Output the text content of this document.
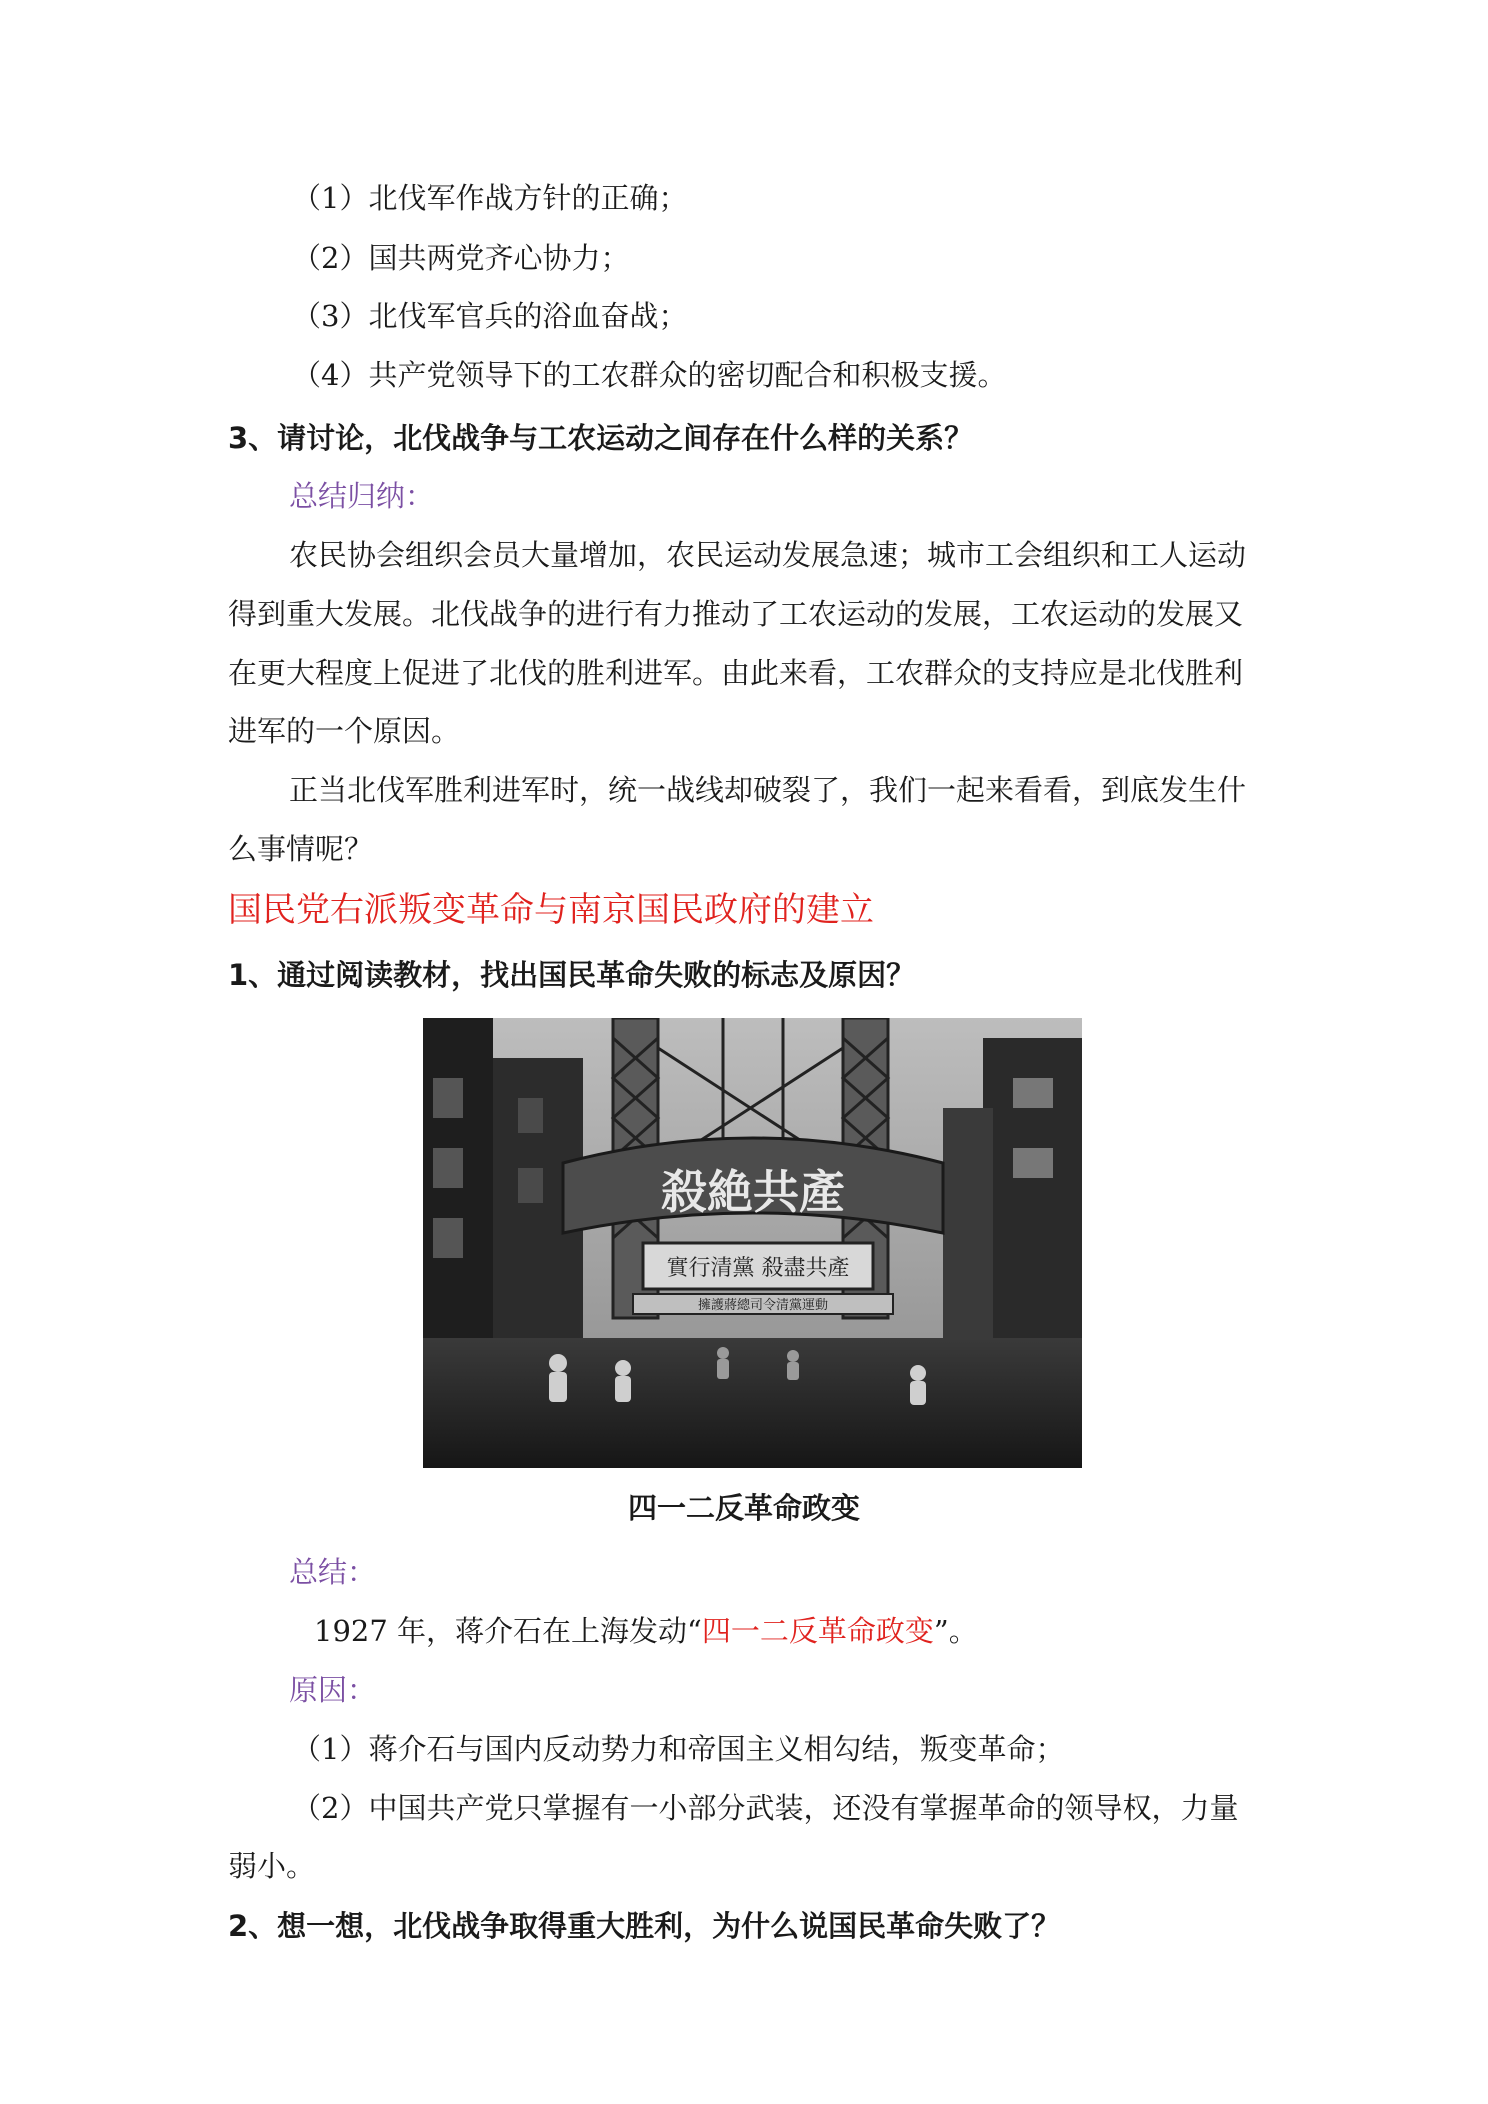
（1）北伐军作战方针的正确；

（2）国共两党齐心协力；

（3）北伐军官兵的浴血奋战；

（4）共产党领导下的工农群众的密切配合和积极支援。

3、请讨论，北伐战争与工农运动之间存在什么样的关系？

总结归纳：

农民协会组织会员大量增加，农民运动发展急速；城市工会组织和工人运动

得到重大发展。北伐战争的进行有力推动了工农运动的发展，工农运动的发展又

在更大程度上促进了北伐的胜利进军。由此来看，工农群众的支持应是北伐胜利

进军的一个原因。

正当北伐军胜利进军时，统一战线却破裂了，我们一起来看看，到底发生什

么事情呢？

国民党右派叛变革命与南京国民政府的建立

1、通过阅读教材，找出国民革命失败的标志及原因？

殺絶共產
實行清黨 殺盡共產
擁護蔣總司令清黨運動

四一二反革命政变

总结：

1927 年，蒋介石在上海发动“四一二反革命政变”。

原因：

（1）蒋介石与国内反动势力和帝国主义相勾结，叛变革命；

（2）中国共产党只掌握有一小部分武装，还没有掌握革命的领导权，力量

弱小。

2、想一想，北伐战争取得重大胜利，为什么说国民革命失败了？
